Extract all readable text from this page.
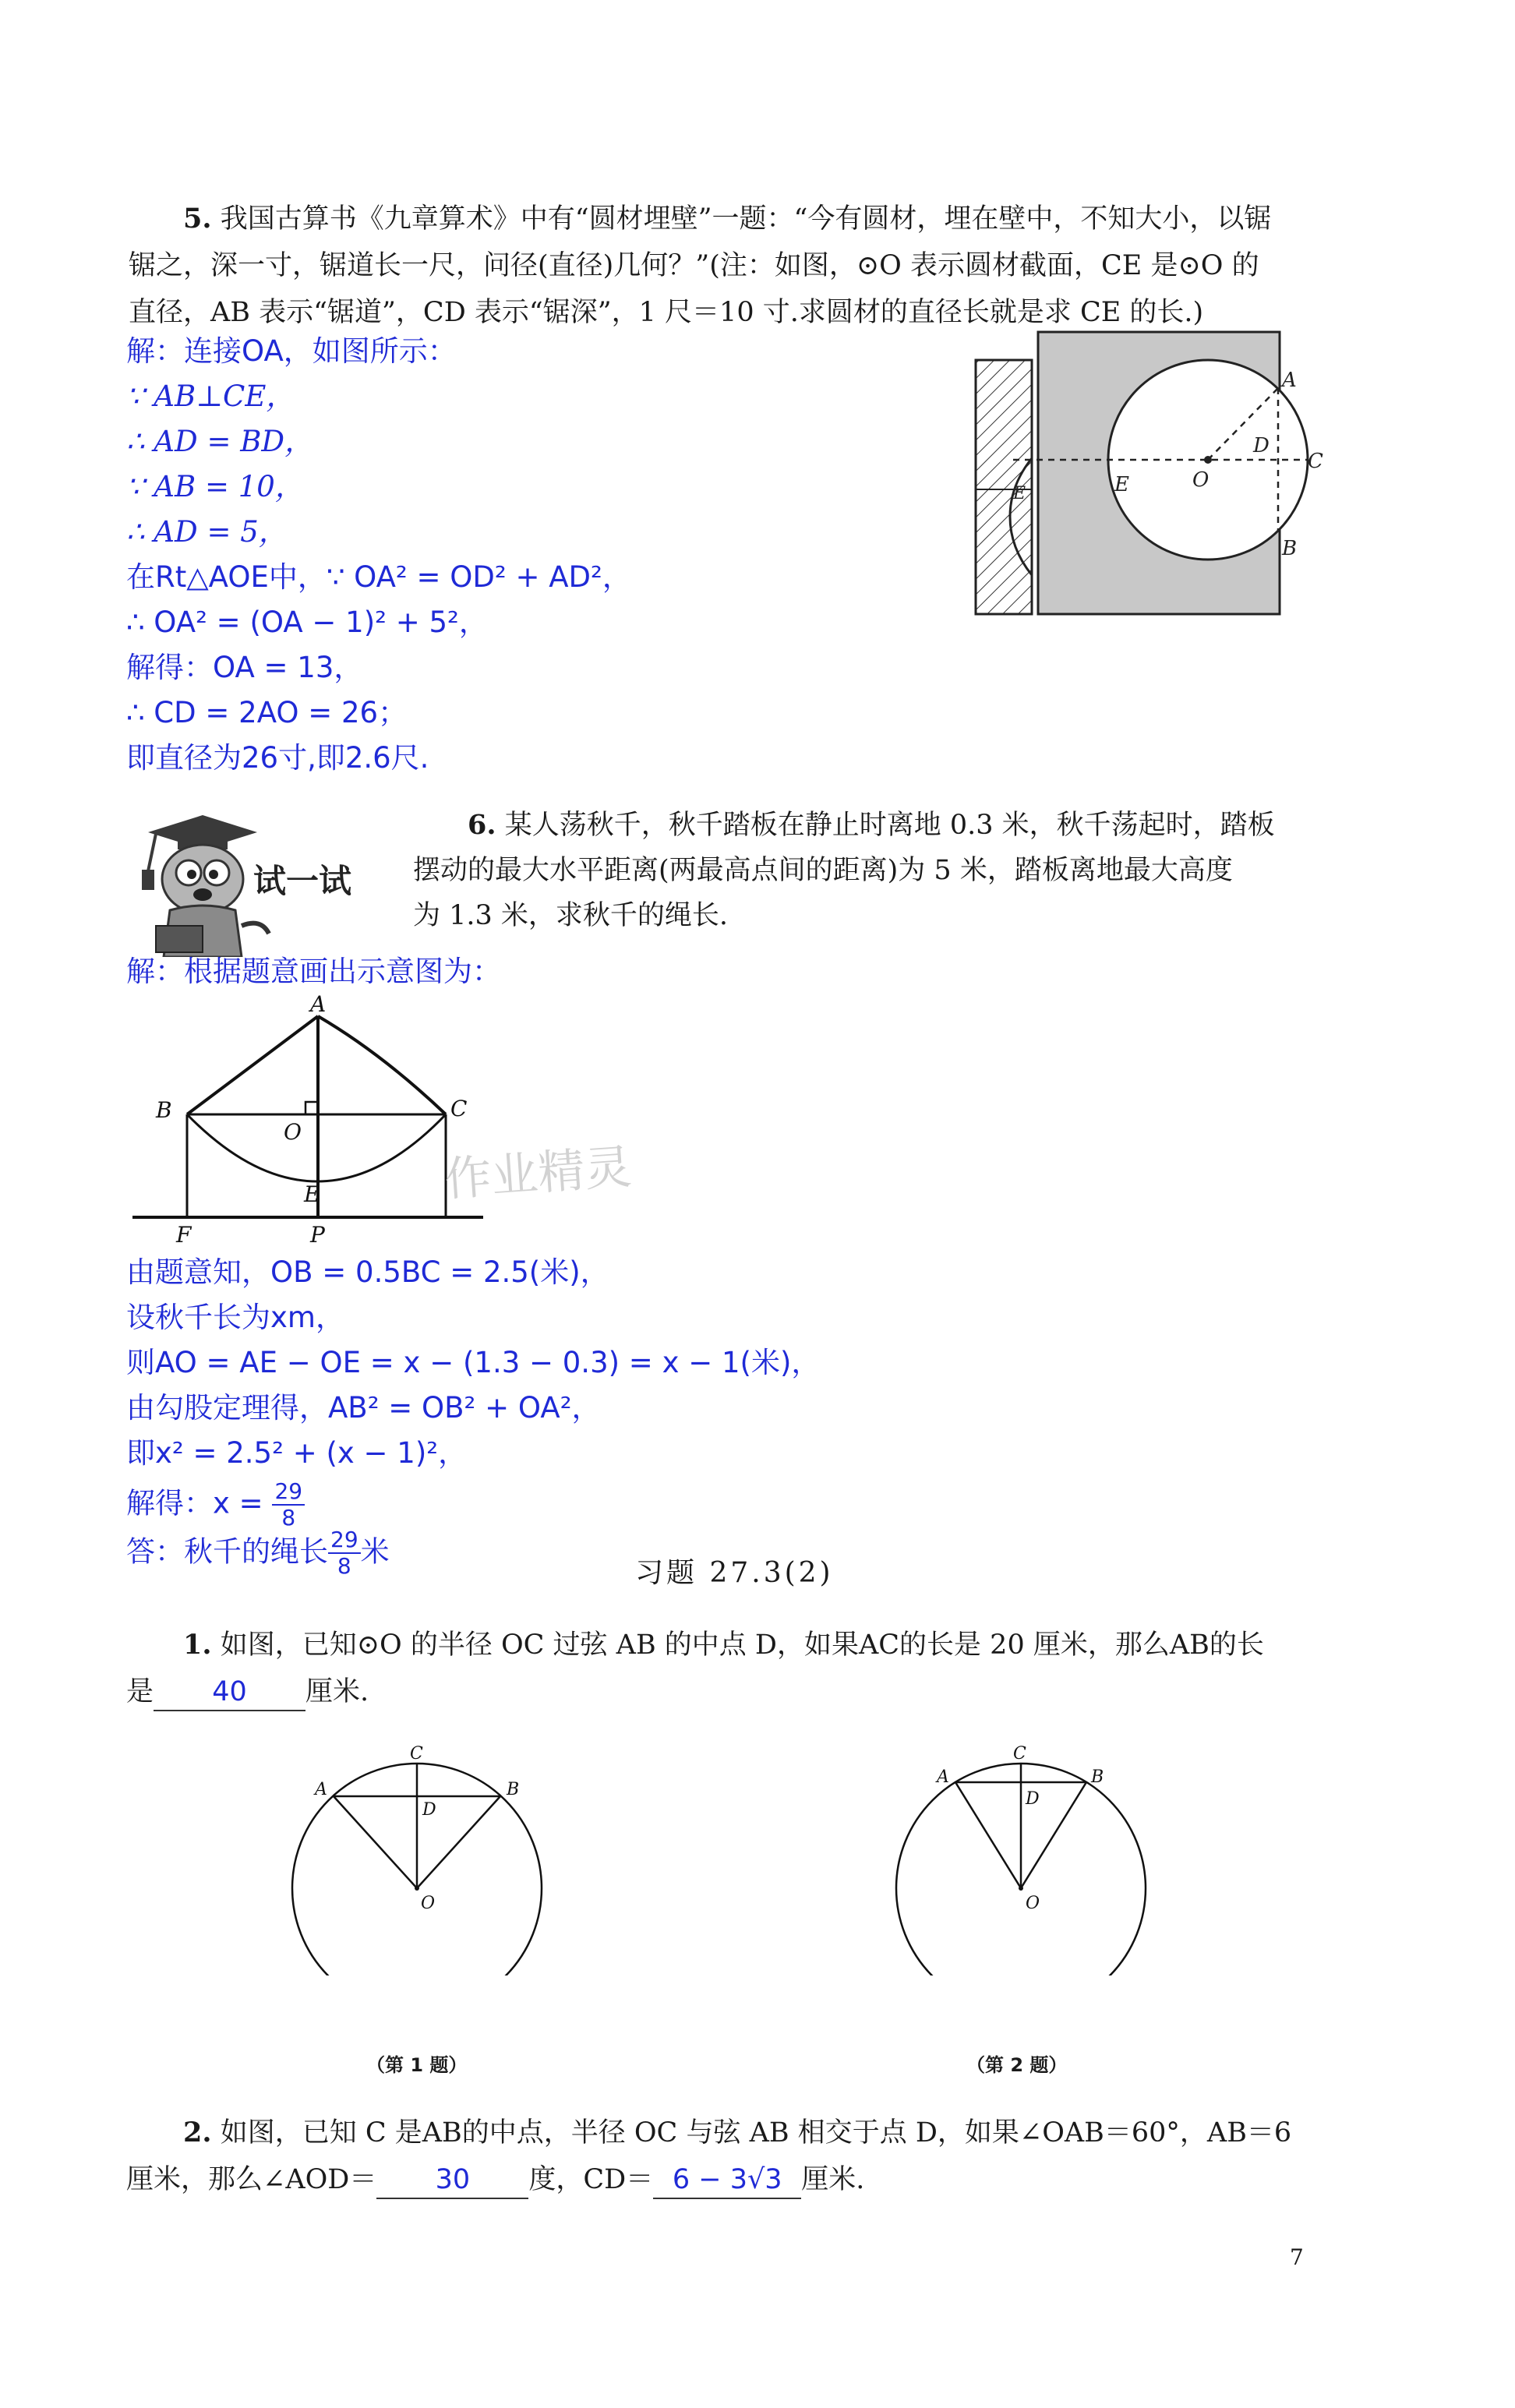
5. 我国古算书《九章算术》中有“圆材埋壁”一题：“今有圆材，埋在壁中，不知大小，以锯
锯之，深一寸，锯道长一尺，问径(直径)几何？”(注：如图，⊙O 表示圆材截面，CE 是⊙O 的
直径，AB 表示“锯道”，CD 表示“锯深”，1 尺＝10 寸.求圆材的直径长就是求 CE 的长.)
解：连接OA，如图所示：
∵ AB⊥CE，
∴ AD = BD，
∵ AB = 10，
∴ AD = 5，
在Rt△AOE中，∵ OA² = OD² + AD²，
∴ OA² = (OA − 1)² + 5²，
解得：OA = 13，
∴ CD = 2AO = 26；
即直径为26寸,即2.6尺.
E
A
B
C
D
E	O
试一试
6. 某人荡秋千，秋千踏板在静止时离地 0.3 米，秋千荡起时，踏板
摆动的最大水平距离(两最高点间的距离)为 5 米，踏板离地最大高度
为 1.3 米，求秋千的绳长.
解：根据题意画出示意图为：
A
B	C
O
E
F	P
作业精灵
由题意知，OB = 0.5BC = 2.5(米)，
设秋千长为xm，
则AO = AE − OE = x − (1.3 − 0.3) = x − 1(米)，
由勾股定理得，AB² = OB² + OA²，
即x² = 2.5² + (x − 1)²，
解得：$x = \frac{29}{8}$
答：秋千的绳长 $\frac{29}{8}$ 米
习题 27.3(2)
1. 如图，已知⊙O 的半径 OC 过弦 AB 的中点 D，如果AC的长是 20 厘米，那么AB的长
是 40 厘米.
C
A	B
D
O
（第 1 题）
C
A	B
D
O
（第 2 题）
2. 如图，已知 C 是AB的中点，半径 OC 与弦 AB 相交于点 D，如果∠OAB＝60°，AB＝6
厘米，那么∠AOD＝ 30 度，CD＝ 6 − 3√3 厘米.
7
